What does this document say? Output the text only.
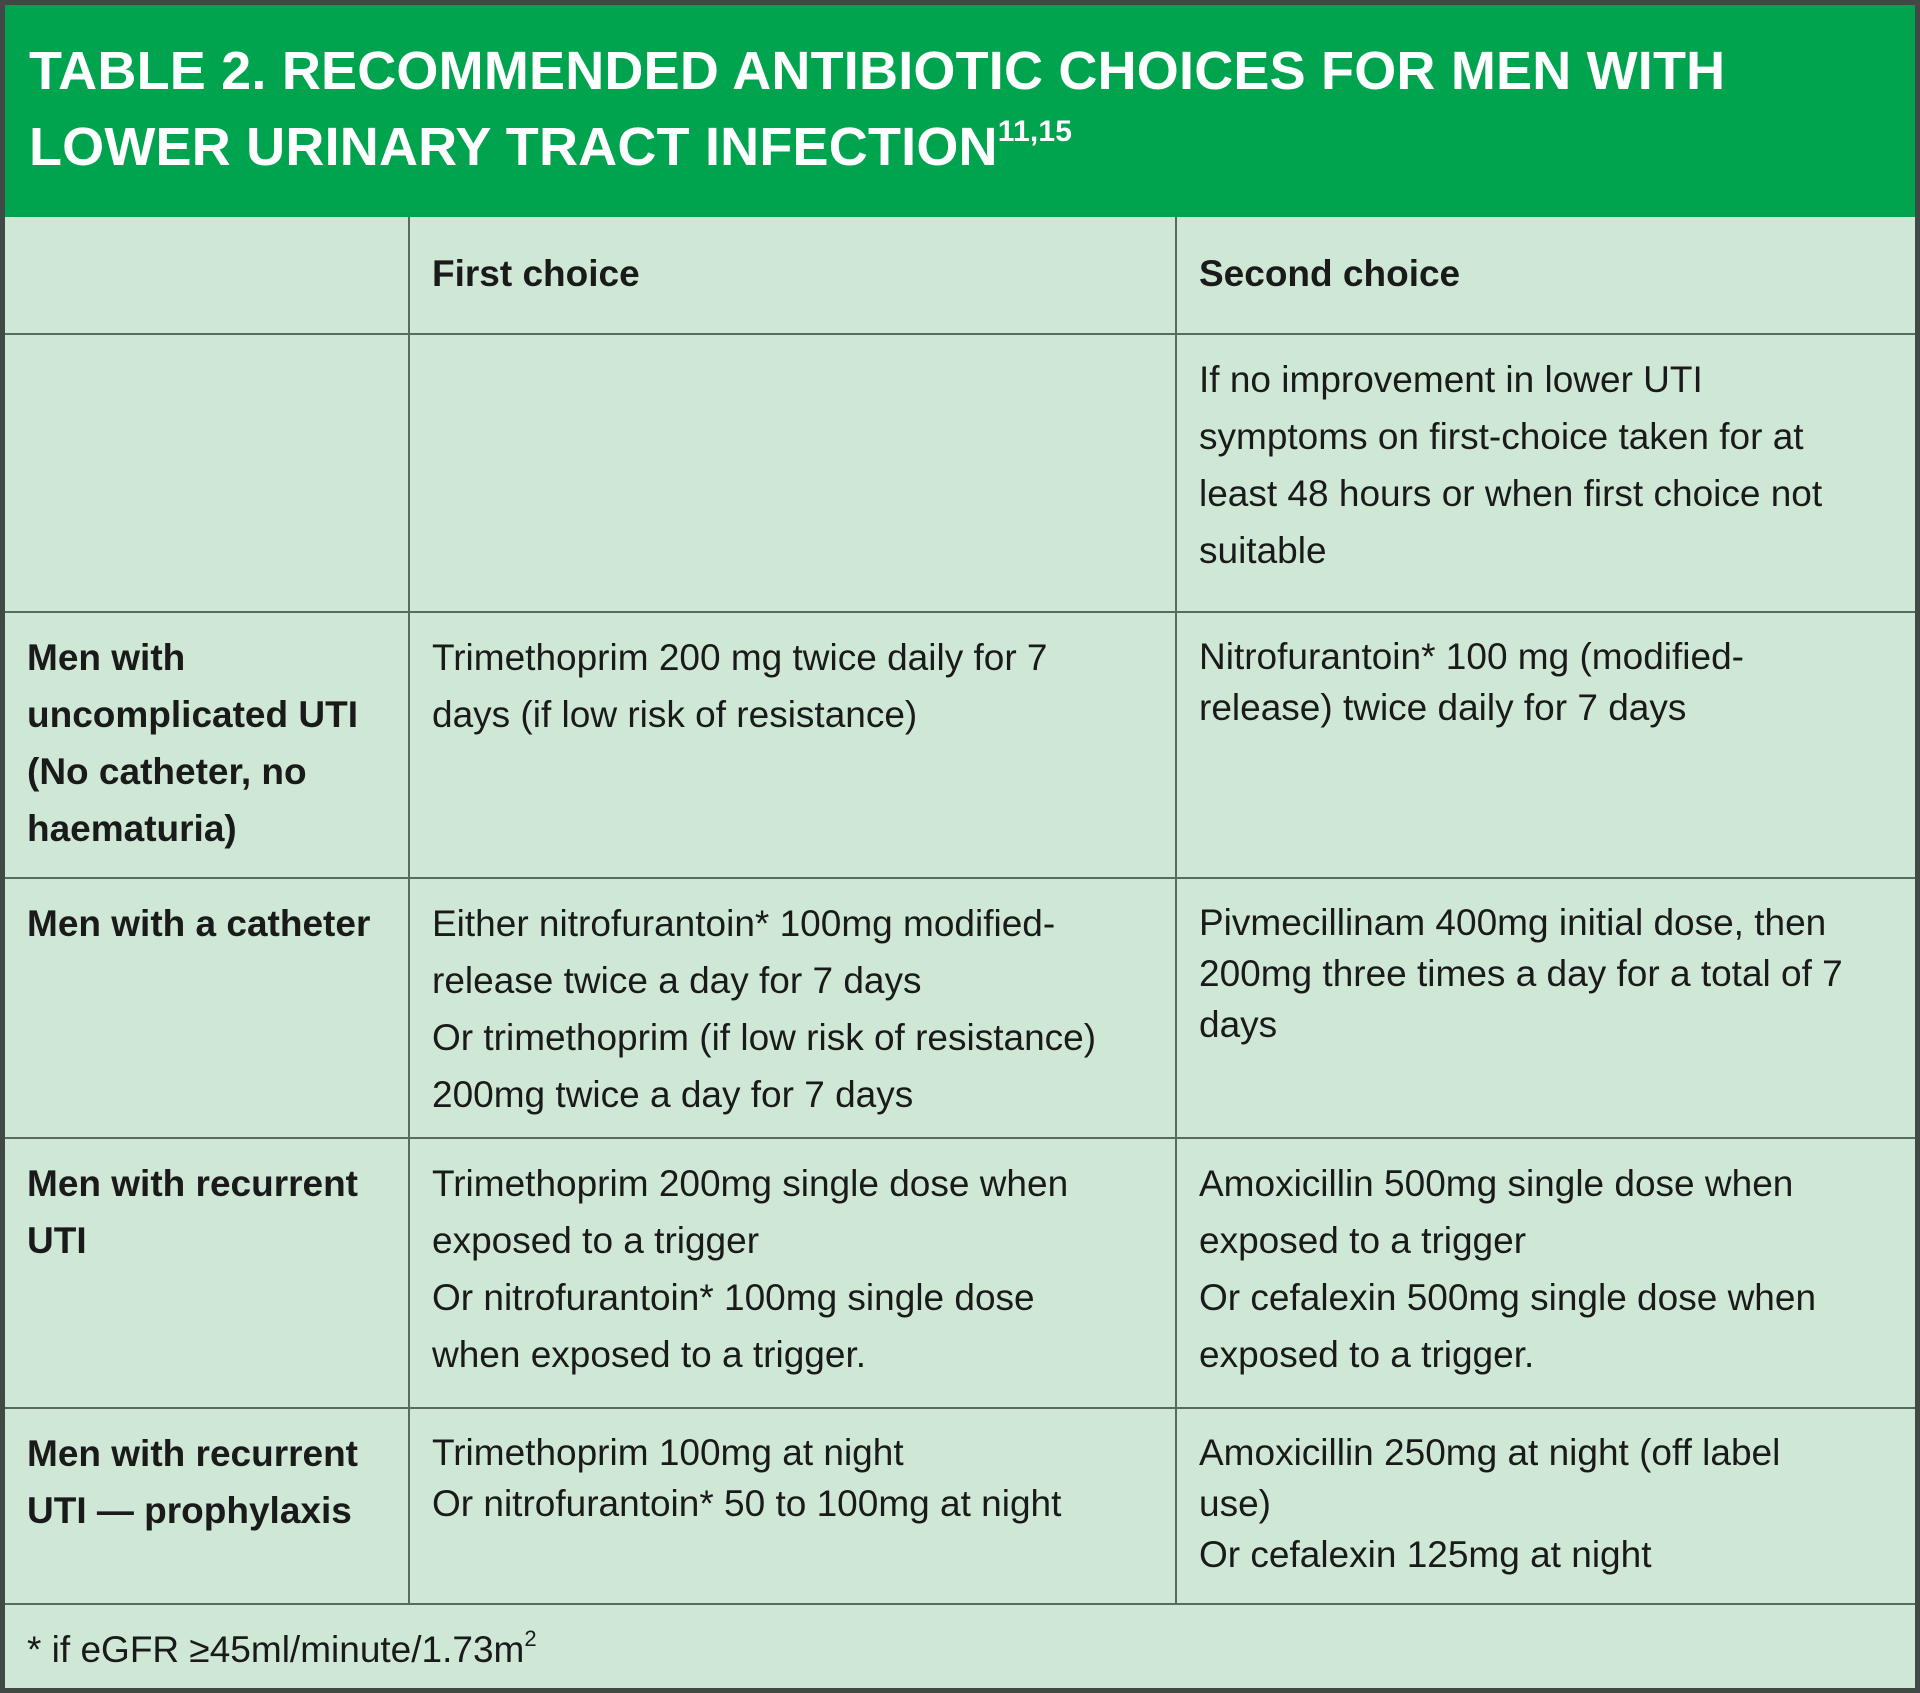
TABLE 2. RECOMMENDED ANTIBIOTIC CHOICES FOR MEN WITH
LOWER URINARY TRACT INFECTION$^{11,15}$
First choice	Second choice
If no improvement in lower UTI
symptoms on first-choice taken for at
least 48 hours or when first choice not
suitable
Men with
uncomplicated UTI
(No catheter, no
haematuria)
Trimethoprim 200 mg twice daily for 7
days (if low risk of resistance)
Nitrofurantoin* 100 mg (modified-
release) twice daily for 7 days
Men with a catheter	Either nitrofurantoin* 100mg modified-
release twice a day for 7 days
Or trimethoprim (if low risk of resistance)
200mg twice a day for 7 days
Pivmecillinam 400mg initial dose, then
200mg three times a day for a total of 7
days
Men with recurrent
UTI
Trimethoprim 200mg single dose when
exposed to a trigger
Or nitrofurantoin* 100mg single dose
when exposed to a trigger.
Amoxicillin 500mg single dose when
exposed to a trigger
Or cefalexin 500mg single dose when
exposed to a trigger.
Men with recurrent
UTI — prophylaxis
Trimethoprim 100mg at night
Or nitrofurantoin* 50 to 100mg at night
Amoxicillin 250mg at night (off label
use)
Or cefalexin 125mg at night
* if eGFR $\ge 45ml/minute/1.73m^2$
